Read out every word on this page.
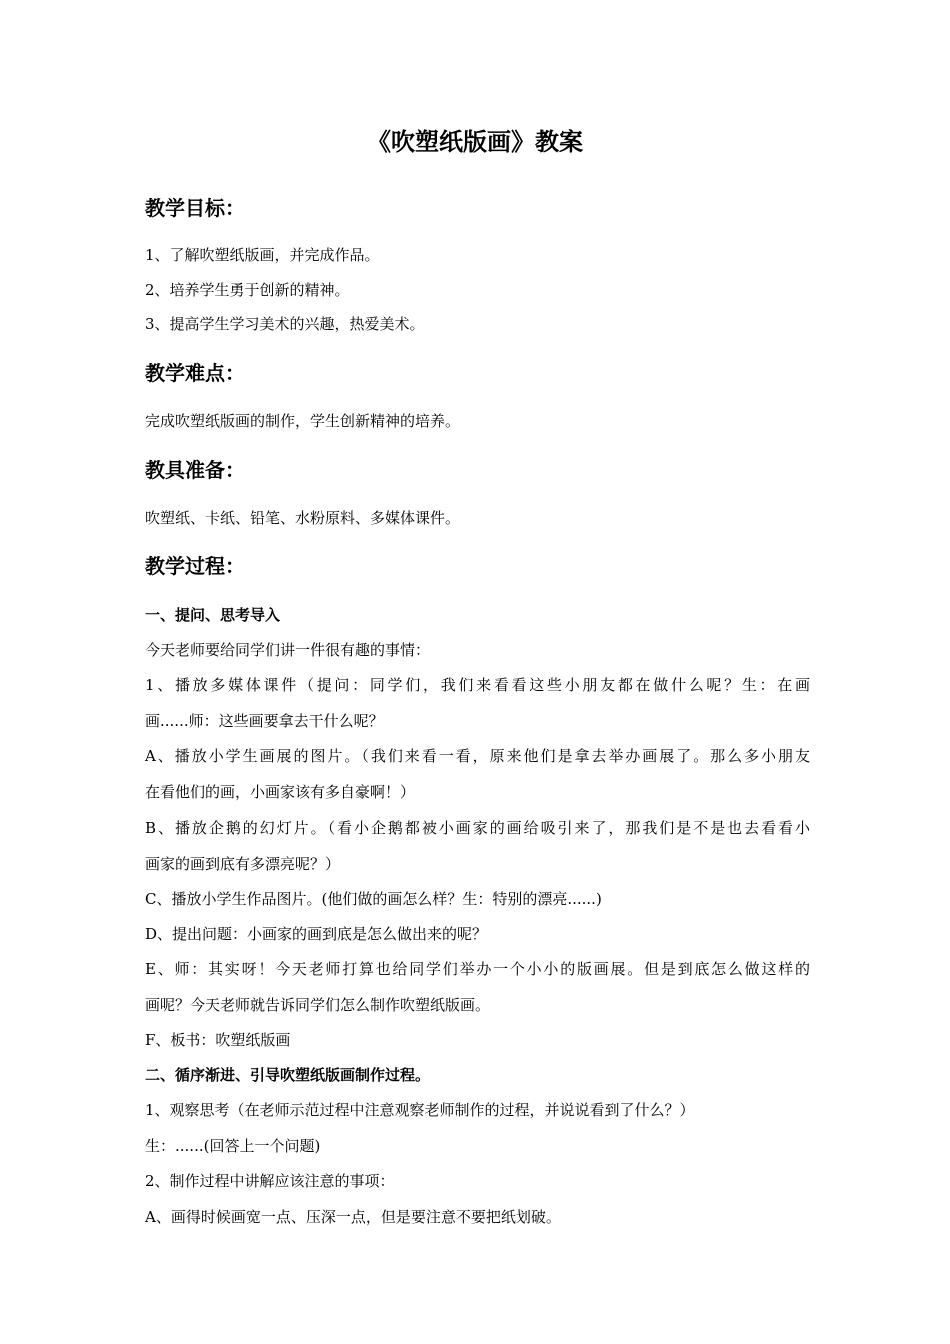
《吹塑纸版画》教案
教学目标：
1、了解吹塑纸版画，并完成作品。
2、培养学生勇于创新的精神。
3、提高学生学习美术的兴趣，热爱美术。
教学难点：
完成吹塑纸版画的制作，学生创新精神的培养。
教具准备：
吹塑纸、卡纸、铅笔、水粉原料、多媒体课件。
教学过程：
一、提问、思考导入
今天老师要给同学们讲一件很有趣的事情：
1、播放多媒体课件（提问：同学们，我们来看看这些小朋友都在做什么呢？生：在画
画......师：这些画要拿去干什么呢？
A、播放小学生画展的图片。（我们来看一看，原来他们是拿去举办画展了。那么多小朋友
在看他们的画，小画家该有多自豪啊！）
B、播放企鹅的幻灯片。（看小企鹅都被小画家的画给吸引来了，那我们是不是也去看看小
画家的画到底有多漂亮呢？）
C、播放小学生作品图片。(他们做的画怎么样？生：特别的漂亮......)
D、提出问题：小画家的画到底是怎么做出来的呢？
E、师：其实呀！今天老师打算也给同学们举办一个小小的版画展。但是到底怎么做这样的
画呢？今天老师就告诉同学们怎么制作吹塑纸版画。
F、板书：吹塑纸版画
二、循序渐进、引导吹塑纸版画制作过程。
1、观察思考（在老师示范过程中注意观察老师制作的过程，并说说看到了什么？）
生：......(回答上一个问题)
2、制作过程中讲解应该注意的事项：
A、画得时候画宽一点、压深一点，但是要注意不要把纸划破。
